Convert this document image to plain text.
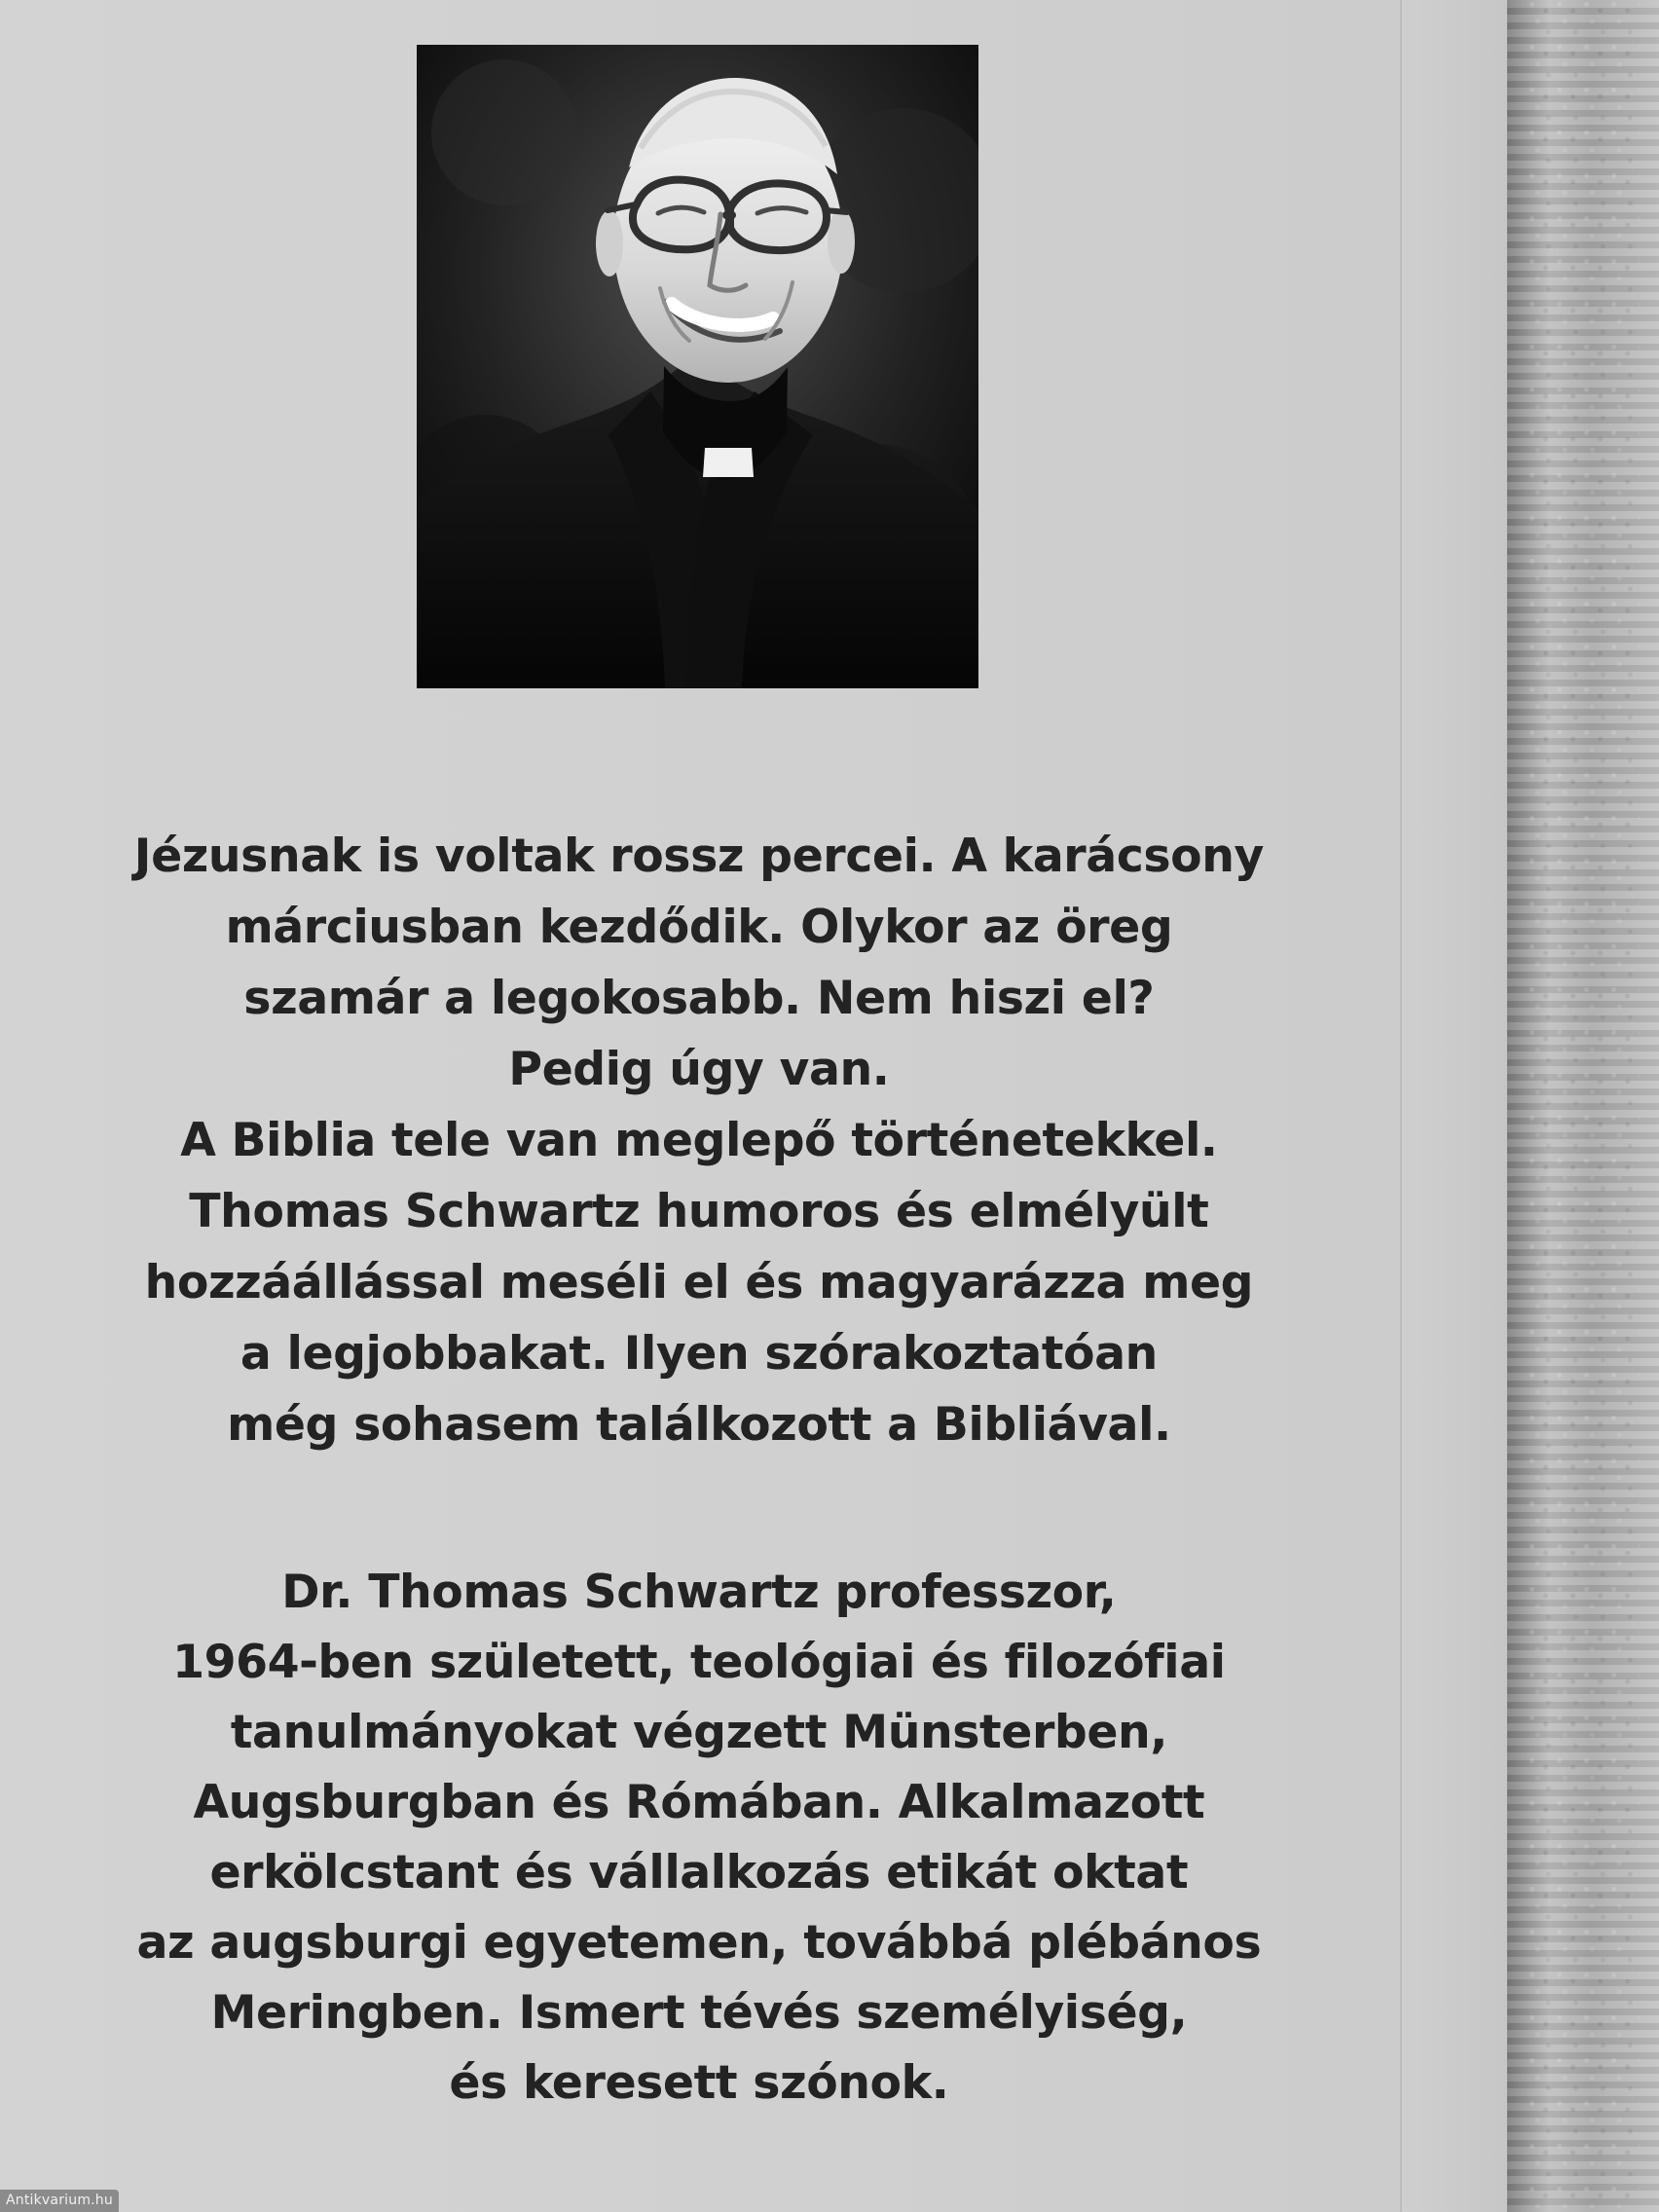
Jézusnak is voltak rossz percei. A karácsony
márciusban kezdődik. Olykor az öreg
szamár a legokosabb. Nem hiszi el?
Pedig úgy van.
A Biblia tele van meglepő történetekkel.
Thomas Schwartz humoros és elmélyült
hozzáállással meséli el és magyarázza meg
a legjobbakat. Ilyen szórakoztatóan
még sohasem találkozott a Bibliával.
Dr. Thomas Schwartz professzor,
1964-ben született, teológiai és filozófiai
tanulmányokat végzett Münsterben,
Augsburgban és Rómában. Alkalmazott
erkölcstant és vállalkozás etikát oktat
az augsburgi egyetemen, továbbá plébános
Meringben. Ismert tévés személyiség,
és keresett szónok.
Antikvarium.hu
